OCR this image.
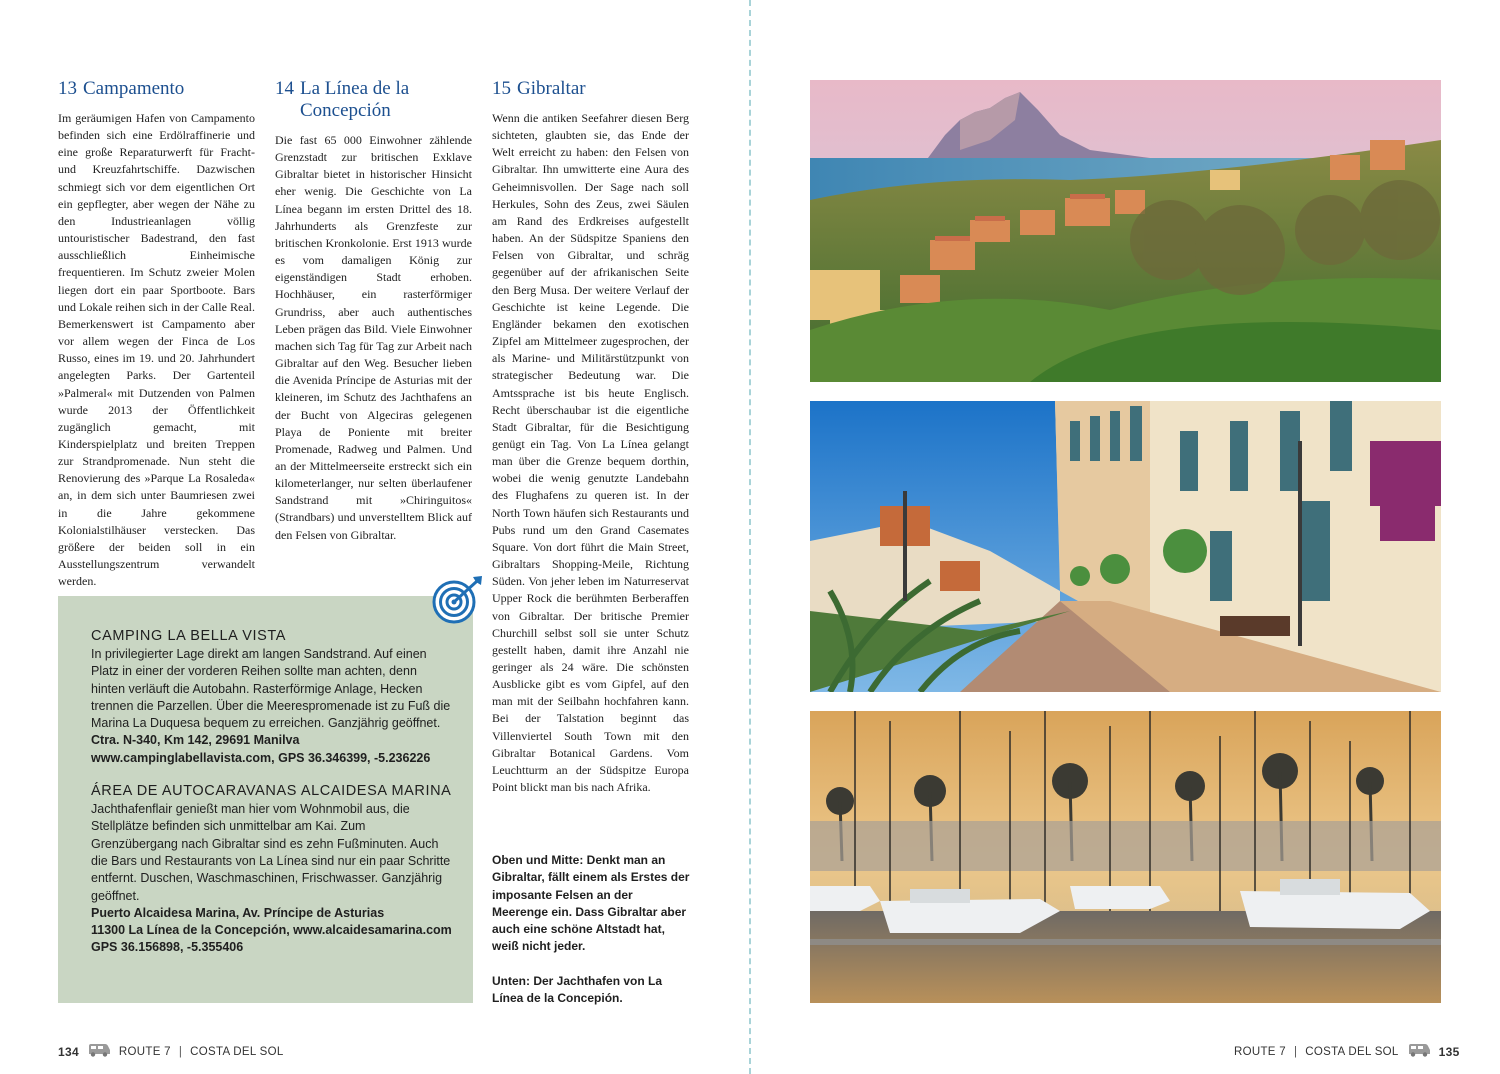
13 Campamento

Im geräumigen Hafen von Campamento befinden sich eine Erdölraffinerie und eine große Reparaturwerft für Fracht- und Kreuzfahrtschiffe. Dazwischen schmiegt sich vor dem eigentlichen Ort ein gepflegter, aber wegen der Nähe zu den Industrieanlagen völlig untouristischer Badestrand, den fast ausschließlich Einheimische frequentieren. Im Schutz zweier Molen liegen dort ein paar Sportboote. Bars und Lokale reihen sich in der Calle Real. Bemerkenswert ist Campamento aber vor allem wegen der Finca de Los Russo, eines im 19. und 20. Jahrhundert angelegten Parks. Der Gartenteil »Palmeral« mit Dutzenden von Palmen wurde 2013 der Öffentlichkeit zugänglich gemacht, mit Kinderspielplatz und breiten Treppen zur Strandpromenade. Nun steht die Renovierung des »Parque La Rosaleda« an, in dem sich unter Baumriesen zwei in die Jahre gekommene Kolonialstilhäuser verstecken. Das größere der beiden soll in ein Ausstellungszentrum verwandelt werden.

14 La Línea de la Concepción

Die fast 65 000 Einwohner zählende Grenzstadt zur britischen Exklave Gibraltar bietet in historischer Hinsicht eher wenig. Die Geschichte von La Línea begann im ersten Drittel des 18. Jahrhunderts als Grenzfeste zur britischen Kronkolonie. Erst 1913 wurde es vom damaligen König zur eigenständigen Stadt erhoben. Hochhäuser, ein rasterförmiger Grundriss, aber auch authentisches Leben prägen das Bild. Viele Einwohner machen sich Tag für Tag zur Arbeit nach Gibraltar auf den Weg. Besucher lieben die Avenida Príncipe de Asturias mit der kleineren, im Schutz des Jachthafens an der Bucht von Algeciras gelegenen Playa de Poniente mit breiter Promenade, Radweg und Palmen. Und an der Mittelmeerseite erstreckt sich ein kilometerlanger, nur selten überlaufener Sandstrand mit »Chiringuitos« (Strandbars) und unverstelltem Blick auf den Felsen von Gibraltar.

15 Gibraltar

Wenn die antiken Seefahrer diesen Berg sichteten, glaubten sie, das Ende der Welt erreicht zu haben: den Felsen von Gibraltar. Ihn umwitterte eine Aura des Geheimnisvollen. Der Sage nach soll Herkules, Sohn des Zeus, zwei Säulen am Rand des Erdkreises aufgestellt haben. An der Südspitze Spaniens den Felsen von Gibraltar, und schräg gegenüber auf der afrikanischen Seite den Berg Musa. Der weitere Verlauf der Geschichte ist keine Legende. Die Engländer bekamen den exotischen Zipfel am Mittelmeer zugesprochen, der als Marine- und Militärstützpunkt von strategischer Bedeutung war. Die Amtssprache ist bis heute Englisch. Recht überschaubar ist die eigentliche Stadt Gibraltar, für die Besichtigung genügt ein Tag. Von La Línea gelangt man über die Grenze bequem dorthin, wobei die wenig genutzte Landebahn des Flughafens zu queren ist. In der North Town häufen sich Restaurants und Pubs rund um den Grand Casemates Square. Von dort führt die Main Street, Gibraltars Shopping-Meile, Richtung Süden. Von jeher leben im Naturreservat Upper Rock die berühmten Berberaffen von Gibraltar. Der britische Premier Churchill selbst soll sie unter Schutz gestellt haben, damit ihre Anzahl nie geringer als 24 wäre. Die schönsten Ausblicke gibt es vom Gipfel, auf den man mit der Seilbahn hochfahren kann. Bei der Talstation beginnt das Villenviertel South Town mit den Gibraltar Botanical Gardens. Vom Leuchtturm an der Südspitze Europa Point blickt man bis nach Afrika.

CAMPING LA BELLA VISTA

In privilegierter Lage direkt am langen Sandstrand. Auf einen Platz in einer der vorderen Reihen sollte man achten, denn hinten verläuft die Autobahn. Rasterförmige Anlage, Hecken trennen die Parzellen. Über die Meerespromenade ist zu Fuß die Marina La Duquesa bequem zu erreichen. Ganzjährig geöffnet.

Ctra. N-340, Km 142, 29691 Manilva

www.campinglabellavista.com, GPS 36.346399, -5.236226

ÁREA DE AUTOCARAVANAS ALCAIDESA MARINA

Jachthafenflair genießt man hier vom Wohnmobil aus, die Stellplätze befinden sich unmittelbar am Kai. Zum Grenzübergang nach Gibraltar sind es zehn Fußminuten. Auch die Bars und Restaurants von La Línea sind nur ein paar Schritte entfernt. Duschen, Waschmaschinen, Frischwasser. Ganzjährig geöffnet.

Puerto Alcaidesa Marina, Av. Príncipe de Asturias

11300 La Línea de la Concepción, www.alcaidesamarina.com

GPS 36.156898, -5.355406

Oben und Mitte: Denkt man an Gibraltar, fällt einem als Erstes der imposante Felsen an der Meerenge ein. Dass Gibraltar aber auch eine schöne Altstadt hat, weiß nicht jeder.

Unten: Der Jachthafen von La Línea de la Concepión.

134	ROUTE 7 | COSTA DEL SOL	ROUTE 7 | COSTA DEL SOL	135
